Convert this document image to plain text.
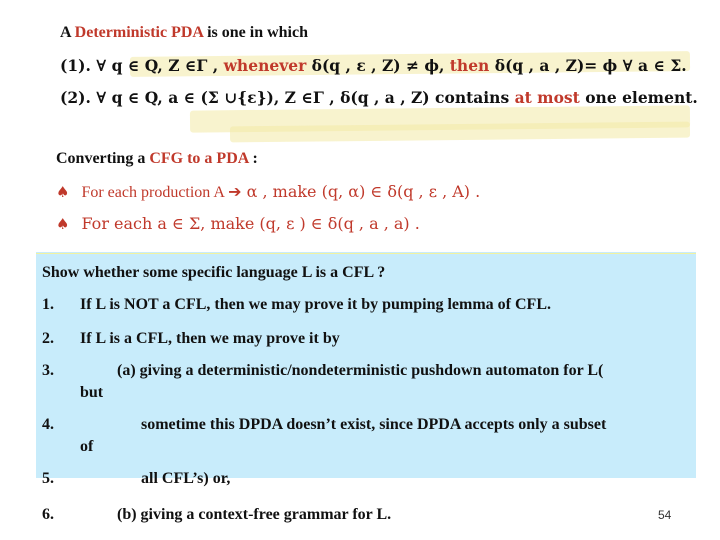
A Deterministic PDA is one in which
(1). ∀ q ∈ Q, Z ∈Γ , whenever δ(q , ε , Z) ≠ ϕ, then δ(q , a , Z)= ϕ ∀ a ∈ Σ.
(2). ∀ q ∈ Q, a ∈ (Σ ∪{ε}), Z ∈Γ , δ(q , a , Z) contains at most one element.
Converting a CFG to a PDA :
♠ For each production A ➔ α , make (q, α) ∈ δ(q , ε , A) .
♠ For each a ∈ Σ, make (q, ε ) ∈ δ(q , a , a) .
Show whether some specific language L is a CFL ?
1. If L is NOT a CFL, then we may prove it by pumping lemma of CFL.
2. If L is a CFL, then we may prove it by
3.	(a) giving a deterministic/nondeterministic pushdown automaton for L(
but
4.	sometime this DPDA doesn’t exist, since DPDA accepts only a subset
of
5.	all CFL’s) or,
6.	(b) giving a context-free grammar for L.	54
